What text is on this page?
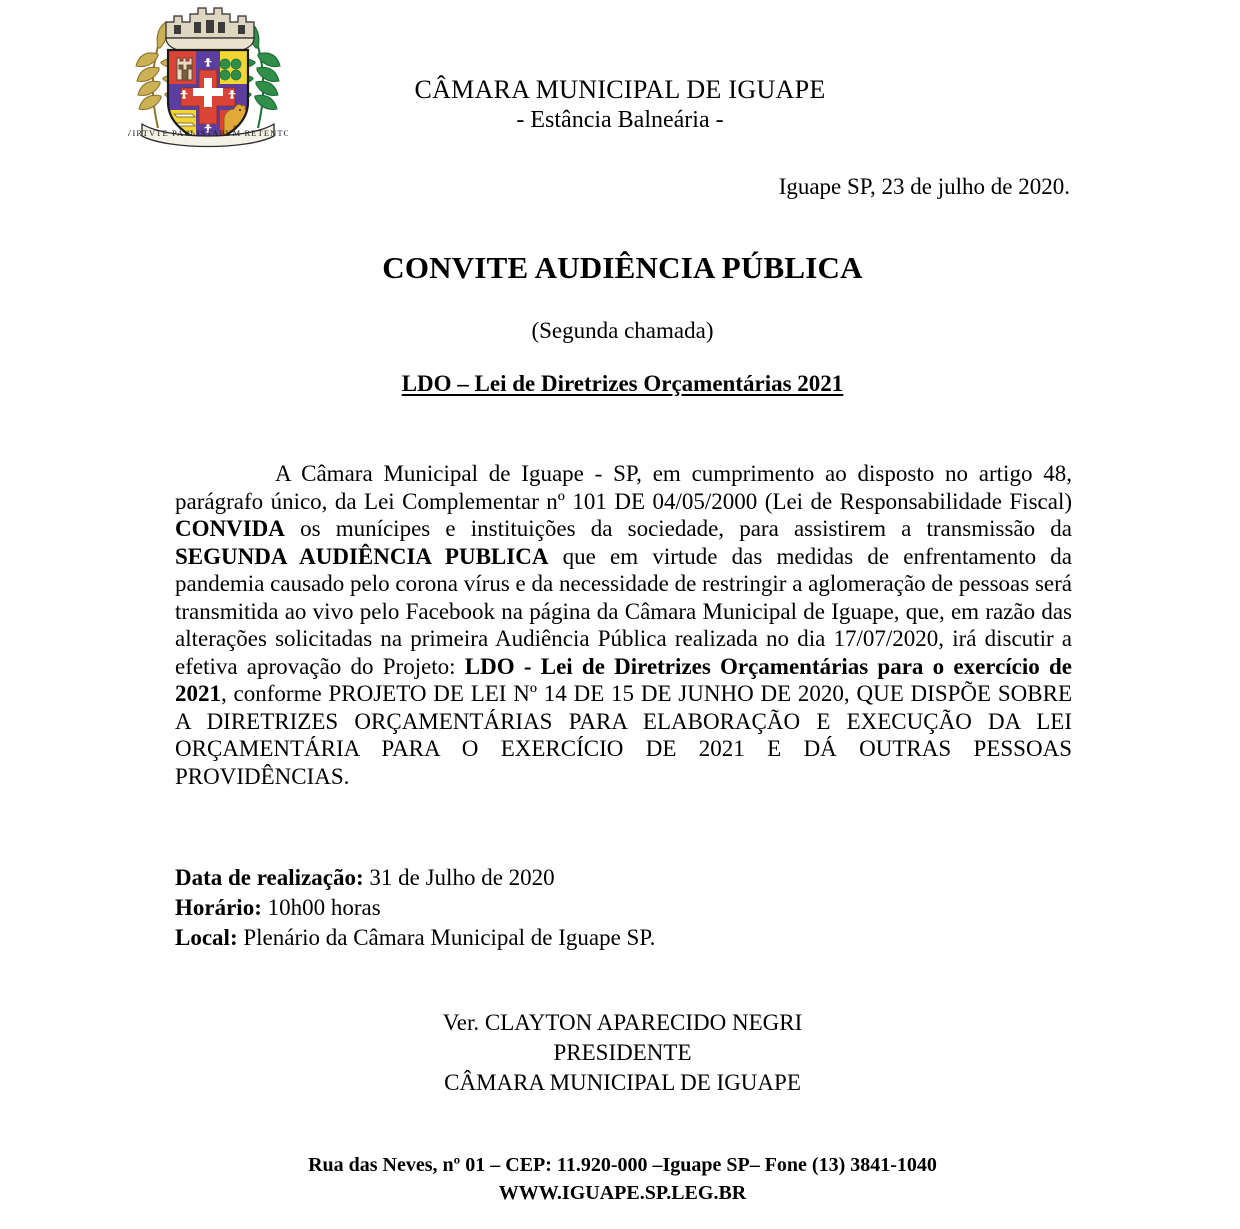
VIRTVTE PAVLISTARVM RETENTO
CÂMARA MUNICIPAL DE IGUAPE
- Estância Balneária -
Iguape SP, 23 de julho de 2020.
CONVITE AUDIÊNCIA PÚBLICA
(Segunda chamada)
LDO – Lei de Diretrizes Orçamentárias 2021
A Câmara Municipal de Iguape - SP, em cumprimento ao disposto no artigo 48, parágrafo único, da Lei Complementar nº 101 DE 04/05/2000 (Lei de Responsabilidade Fiscal) CONVIDA os munícipes e instituições da sociedade, para assistirem a transmissão da SEGUNDA AUDIÊNCIA PUBLICA que em virtude das medidas de enfrentamento da pandemia causado pelo corona vírus e da necessidade de restringir a aglomeração de pessoas será transmitida ao vivo pelo Facebook na página da Câmara Municipal de Iguape, que, em razão das alterações solicitadas na primeira Audiência Pública realizada no dia 17/07/2020, irá discutir a efetiva aprovação do Projeto: LDO - Lei de Diretrizes Orçamentárias para o exercício de 2021, conforme PROJETO DE LEI Nº 14 DE 15 DE JUNHO DE 2020, QUE DISPÕE SOBRE A DIRETRIZES ORÇAMENTÁRIAS PARA ELABORAÇÃO E EXECUÇÃO DA LEI ORÇAMENTÁRIA PARA O EXERCÍCIO DE 2021 E DÁ OUTRAS PESSOAS PROVIDÊNCIAS.
Data de realização: 31 de Julho de 2020
Horário: 10h00 horas
Local: Plenário da Câmara Municipal de Iguape SP.
Ver. CLAYTON APARECIDO NEGRI
PRESIDENTE
CÂMARA MUNICIPAL DE IGUAPE
Rua das Neves, nº 01 – CEP: 11.920-000 –Iguape SP– Fone (13) 3841-1040
WWW.IGUAPE.SP.LEG.BR
